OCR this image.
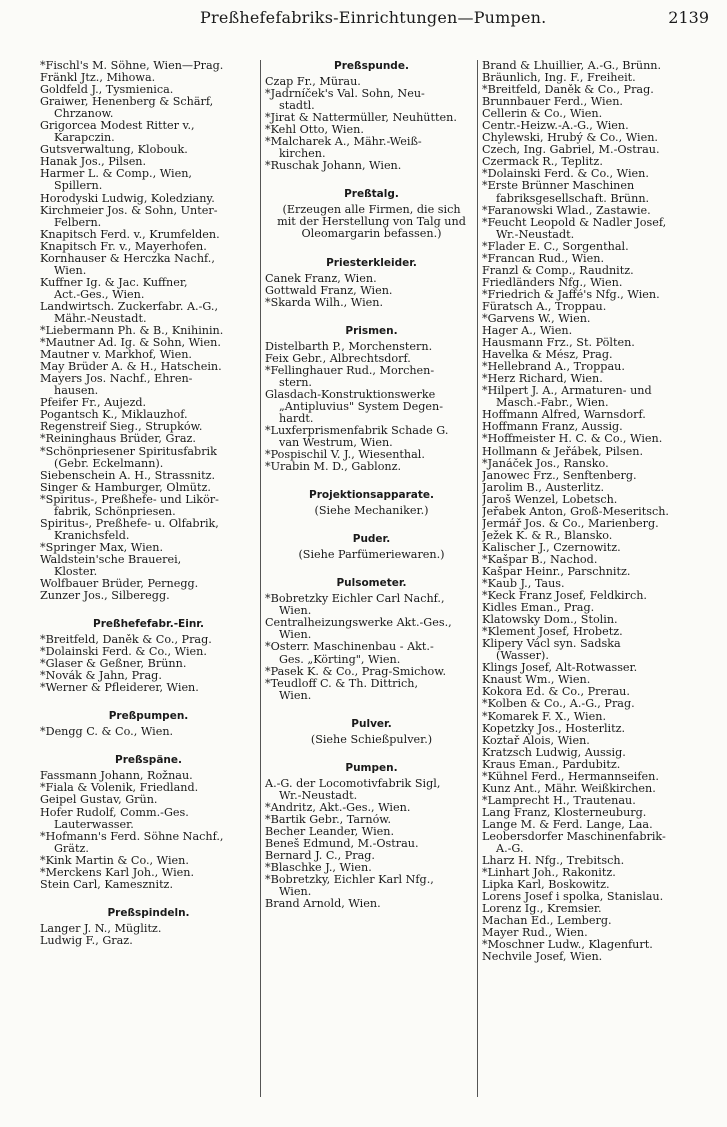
Preßhefefabriks-Einrichtungen—Pumpen.	2139
*Fischl's M. Söhne, Wien—Prag.
Fränkl Jtz., Mihowa.
Goldfeld J., Tysmienica.
Graiwer, Henenberg & Schärf,
Chrzanow.
Grigorcea Modest Ritter v.,
Karapczin.
Gutsverwaltung, Klobouk.
Hanak Jos., Pilsen.
Harmer L. & Comp., Wien,
Spillern.
Horodyski Ludwig, Koledziany.
Kirchmeier Jos. & Sohn, Unter-
Felbern.
Knapitsch Ferd. v., Krumfelden.
Knapitsch Fr. v., Mayerhofen.
Kornhauser & Herczka Nachf.,
Wien.
Kuffner Ig. & Jac. Kuffner,
Act.-Ges., Wien.
Landwirtsch. Zuckerfabr. A.-G.,
Mähr.-Neustadt.
*Liebermann Ph. & B., Knihinin.
*Mautner Ad. Ig. & Sohn, Wien.
Mautner v. Markhof, Wien.
May Brüder A. & H., Hatschein.
Mayers Jos. Nachf., Ehren-
hausen.
Pfeifer Fr., Aujezd.
Pogantsch K., Miklauzhof.
Regenstreif Sieg., Strupków.
*Reininghaus Brüder, Graz.
*Schönpriesener Spiritusfabrik
(Gebr. Eckelmann).
Siebenschein A. H., Strassnitz.
Singer & Hamburger, Olmütz.
*Spiritus-, Preßhefe- und Likör-
fabrik, Schönpriesen.
Spiritus-, Preßhefe- u. Ölfabrik,
Kranichsfeld.
*Springer Max, Wien.
Waldstein'sche Brauerei,
Kloster.
Wolfbauer Brüder, Pernegg.
Zunzer Jos., Silberegg.
Preßhefefabr.-Einr.
*Breitfeld, Daněk & Co., Prag.
*Dolainski Ferd. & Co., Wien.
*Glaser & Geßner, Brünn.
*Novák & Jahn, Prag.
*Werner & Pfleiderer, Wien.
Preßpumpen.
*Dengg C. & Co., Wien.
Preßspäne.
Fassmann Johann, Rožnau.
*Fiala & Volenik, Friedland.
Geipel Gustav, Grün.
Hofer Rudolf, Comm.-Ges.
Lauterwasser.
*Hofmann's Ferd. Söhne Nachf.,
Grätz.
*Kink Martin & Co., Wien.
*Merckens Karl Joh., Wien.
Stein Carl, Kamesznitz.
Preßspindeln.
Langer J. N., Müglitz.
Ludwig F., Graz.
Preßspunde.
Czap Fr., Mürau.
*Jadrníček's Val. Sohn, Neu-
stadtl.
*Jirat & Nattermüller, Neuhütten.
*Kehl Otto, Wien.
*Malcharek A., Mähr.-Weiß-
kirchen.
*Ruschak Johann, Wien.
Preßtalg.
(Erzeugen alle Firmen, die sich
mit der Herstellung von Talg und
Oleomargarin befassen.)
Priesterkleider.
Čanek Franz, Wien.
Gottwald Franz, Wien.
*Skarda Wilh., Wien.
Prismen.
Distelbarth P., Morchenstern.
Feix Gebr., Albrechtsdorf.
*Fellinghauer Rud., Morchen-
stern.
Glasdach-Konstruktionswerke
„Antipluvius" System Degen-
hardt.
*Luxferprismenfabrik Schade G.
van Westrum, Wien.
*Pospischil V. J., Wiesenthal.
*Urabin M. D., Gablonz.
Projektionsapparate.
(Siehe Mechaniker.)
Puder.
(Siehe Parfümeriewaren.)
Pulsometer.
*Bobretzky Eichler Carl Nachf.,
Wien.
Centralheizungswerke Akt.-Ges.,
Wien.
*Österr. Maschinenbau - Akt.-
Ges. „Körting", Wien.
*Pasek K. & Co., Prag-Smichow.
*Teudloff C. & Th. Dittrich,
Wien.
Pulver.
(Siehe Schießpulver.)
Pumpen.
A.-G. der Locomotivfabrik Sigl,
Wr.-Neustadt.
*Andritz, Akt.-Ges., Wien.
*Bartik Gebr., Tarnów.
Becher Leander, Wien.
Beneš Edmund, M.-Ostrau.
Bernard J. C., Prag.
*Blaschke J., Wien.
*Bobretzky, Eichler Karl Nfg.,
Wien.
Brand Arnold, Wien.
Brand & Lhuillier, A.-G., Brünn.
Bräunlich, Ing. F., Freiheit.
*Breitfeld, Daněk & Co., Prag.
Brunnbauer Ferd., Wien.
Cellerin & Co., Wien.
Centr.-Heizw.-A.-G., Wien.
Chylewski, Hrubý & Co., Wien.
Czech, Ing. Gabriel, M.-Ostrau.
Czermack R., Teplitz.
*Dolainski Ferd. & Co., Wien.
*Erste Brünner Maschinen
fabriksgesellschaft. Brünn.
*Faranowski Wlad., Zastawie.
*Feucht Leopold & Nadler Josef,
Wr.-Neustadt.
*Flader E. C., Sorgenthal.
*Francan Rud., Wien.
Franzl & Comp., Raudnitz.
Friedländers Nfg., Wien.
*Friedrich & Jaffé's Nfg., Wien.
Füratsch A., Troppau.
*Garvens W., Wien.
Hager A., Wien.
Hausmann Frz., St. Pölten.
Havelka & Mész, Prag.
*Hellebrand A., Troppau.
*Herz Richard, Wien.
*Hilpert J. A., Armaturen- und
Masch.-Fabr., Wien.
Hoffmann Alfred, Warnsdorf.
Hoffmann Franz, Aussig.
*Hoffmeister H. C. & Co., Wien.
Hollmann & Jeřábek, Pilsen.
*Janáček Jos., Ransko.
Janowec Frz., Senftenberg.
Jarolim B., Austerlitz.
Jaroš Wenzel, Lobetsch.
Jeřabek Anton, Groß-Meseritsch.
Jermář Jos. & Co., Marienberg.
Ježek K. & R., Blansko.
Kalischer J., Czernowitz.
*Kašpar B., Nachod.
Kašpar Heinr., Parschnitz.
*Kaub J., Taus.
*Keck Franz Josef, Feldkirch.
Kidles Eman., Prag.
Klatowsky Dom., Stolin.
*Klement Josef, Hrobetz.
Klipery Václ syn. Sadska
(Wasser).
Klings Josef, Alt-Rotwasser.
Knaust Wm., Wien.
Kokora Ed. & Co., Prerau.
*Kolben & Co., A.-G., Prag.
*Komarek F. X., Wien.
Kopetzky Jos., Hosterlitz.
Koztař Alois, Wien.
Kratzsch Ludwig, Aussig.
Kraus Eman., Pardubitz.
*Kühnel Ferd., Hermannseifen.
Kunz Ant., Mähr. Weißkirchen.
*Lamprecht H., Trautenau.
Lang Franz, Klosterneuburg.
Lange M. & Ferd. Lange, Laa.
Leobersdorfer Maschinenfabrik-
A.-G.
Lharz H. Nfg., Trebitsch.
*Linhart Joh., Rakonitz.
Lipka Karl, Boskowitz.
Lorens Josef i spolka, Stanislau.
Lorenz Ig., Kremsier.
Machan Ed., Lemberg.
Mayer Rud., Wien.
*Moschner Ludw., Klagenfurt.
Nechvile Josef, Wien.
